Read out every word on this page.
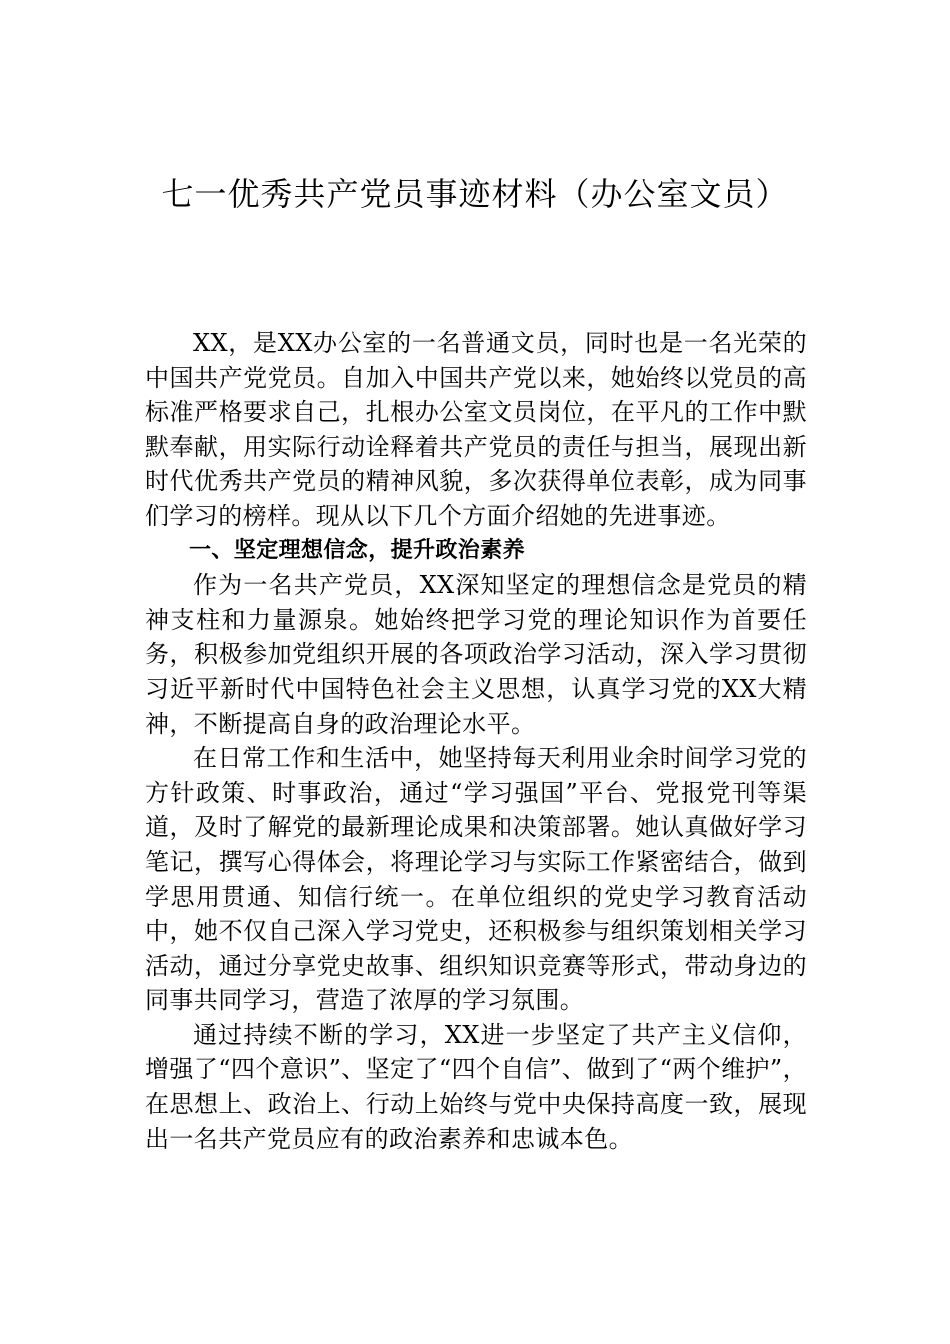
七一优秀共产党员事迹材料（办公室文员）

XX，是XX办公室的一名普通文员，同时也是一名光荣的中国共产党党员。自加入中国共产党以来，她始终以党员的高标准严格要求自己，扎根办公室文员岗位，在平凡的工作中默默奉献，用实际行动诠释着共产党员的责任与担当，展现出新时代优秀共产党员的精神风貌，多次获得单位表彰，成为同事们学习的榜样。现从以下几个方面介绍她的先进事迹。

一、坚定理想信念，提升政治素养

作为一名共产党员，XX深知坚定的理想信念是党员的精神支柱和力量源泉。她始终把学习党的理论知识作为首要任务，积极参加党组织开展的各项政治学习活动，深入学习贯彻习近平新时代中国特色社会主义思想，认真学习党的XX大精神，不断提高自身的政治理论水平。

在日常工作和生活中，她坚持每天利用业余时间学习党的方针政策、时事政治，通过“学习强国”平台、党报党刊等渠道，及时了解党的最新理论成果和决策部署。她认真做好学习笔记，撰写心得体会，将理论学习与实际工作紧密结合，做到学思用贯通、知信行统一。在单位组织的党史学习教育活动中，她不仅自己深入学习党史，还积极参与组织策划相关学习活动，通过分享党史故事、组织知识竞赛等形式，带动身边的同事共同学习，营造了浓厚的学习氛围。

通过持续不断的学习，XX进一步坚定了共产主义信仰，增强了“四个意识”、坚定了“四个自信”、做到了“两个维护”，在思想上、政治上、行动上始终与党中央保持高度一致，展现出一名共产党员应有的政治素养和忠诚本色。
